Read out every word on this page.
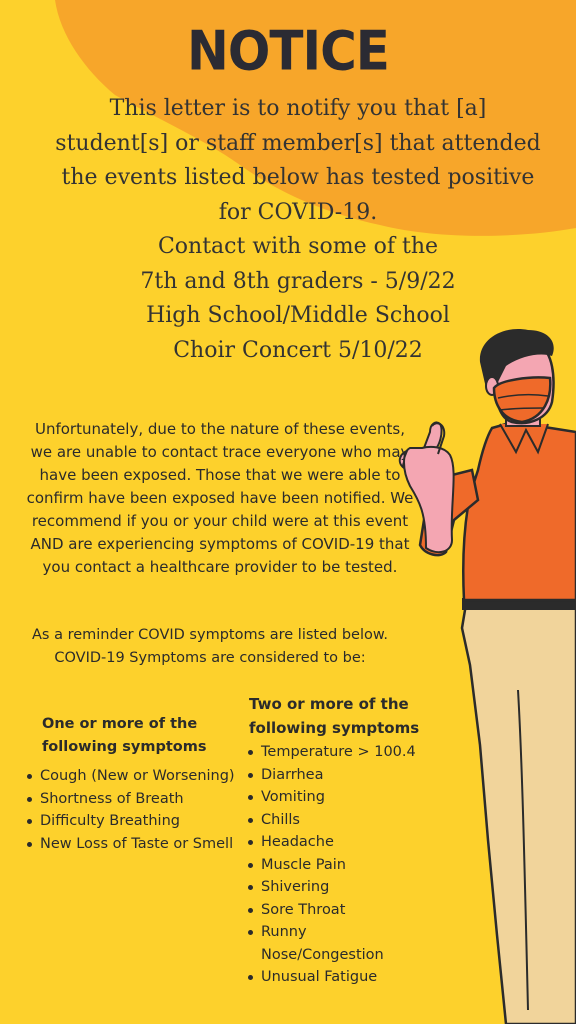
NOTICE
This letter is to notify you that [a]
student[s] or staff member[s] that attended
the events listed below has tested positive
for COVID-19.
Contact with some of the
7th and 8th graders - 5/9/22
High School/Middle School
Choir Concert 5/10/22
Unfortunately, due to the nature of these events,
we are unable to contact trace everyone who may
have been exposed. Those that we were able to
confirm have been exposed have been notified. We
recommend if you or your child were at this event
AND are experiencing symptoms of COVID-19 that
you contact a healthcare provider to be tested.
As a reminder COVID symptoms are listed below.
COVID-19 Symptoms are considered to be:
One or more of the
following symptoms
Cough (New or Worsening)
Shortness of Breath
Difficulty Breathing
New Loss of Taste or Smell
Two or more of the
following symptoms
Temperature > 100.4
Diarrhea
Vomiting
Chills
Headache
Muscle Pain
Shivering
Sore Throat
Runny
Nose/Congestion
Unusual Fatigue
